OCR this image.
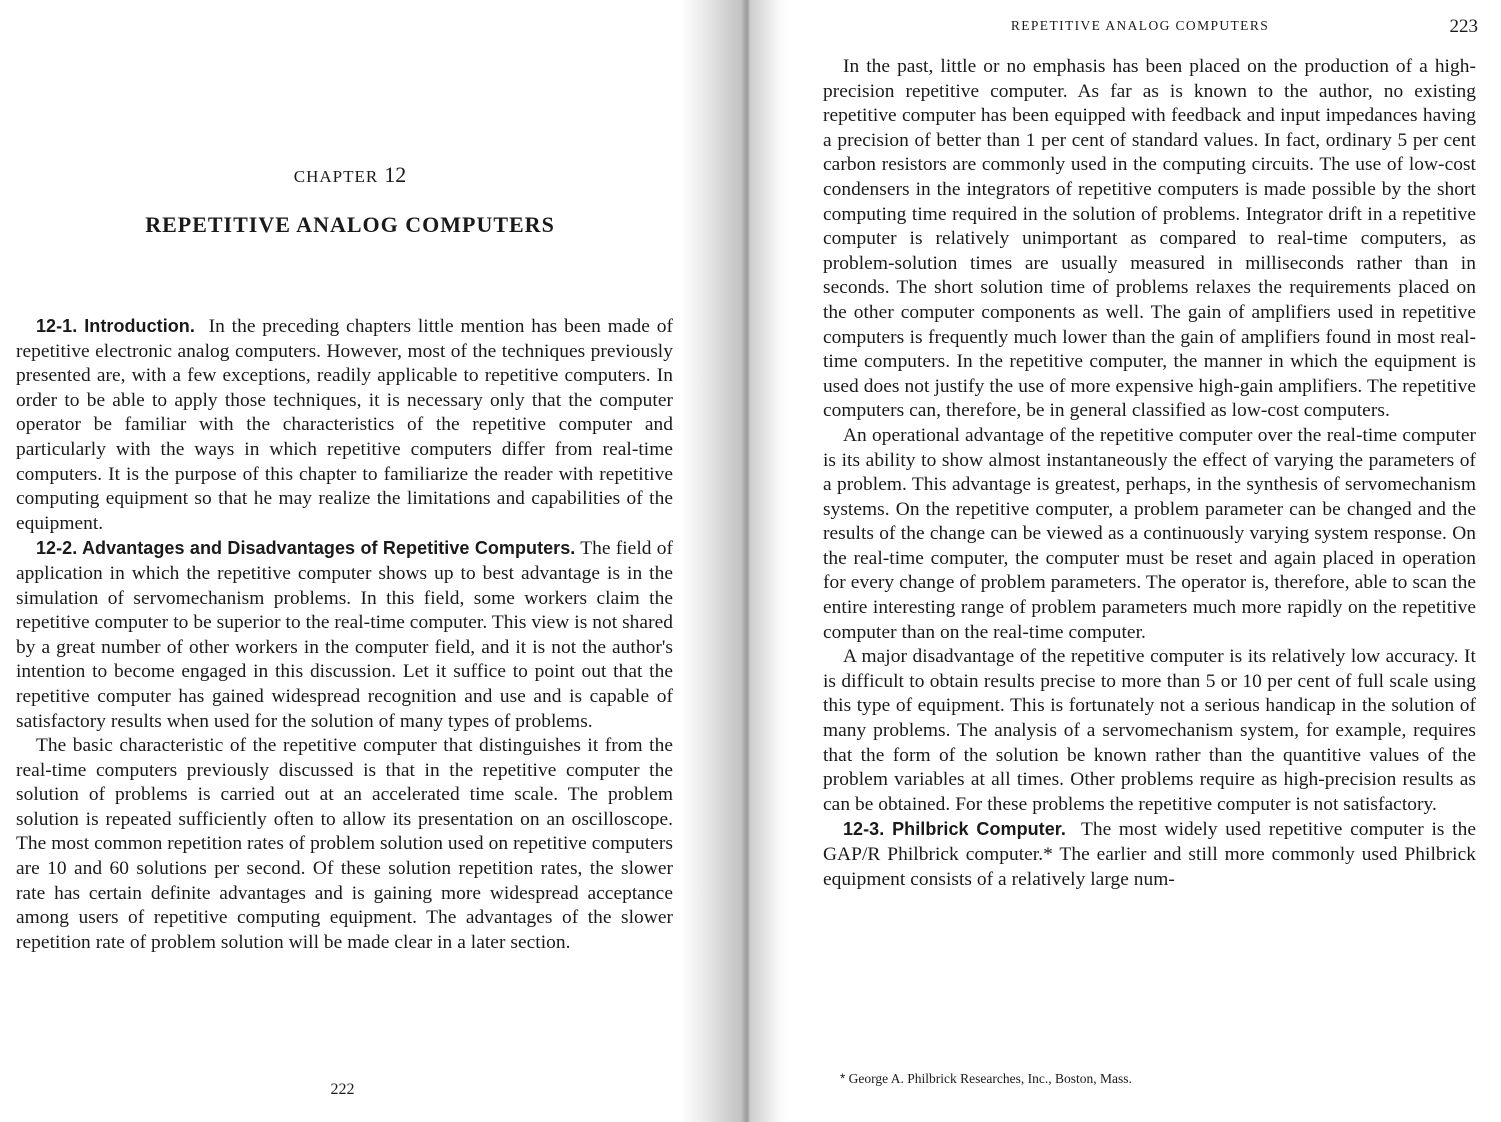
CHAPTER 12
REPETITIVE ANALOG COMPUTERS

12-1. Introduction. In the preceding chapters little mention has been made of repetitive electronic analog computers. However, most of the techniques previously presented are, with a few exceptions, readily applicable to repetitive computers. In order to be able to apply those techniques, it is necessary only that the computer operator be familiar with the characteristics of the repetitive computer and particularly with the ways in which repetitive computers differ from real-time computers. It is the purpose of this chapter to familiarize the reader with repetitive computing equipment so that he may realize the limitations and capabilities of the equipment.

12-2. Advantages and Disadvantages of Repetitive Computers. The field of application in which the repetitive computer shows up to best advantage is in the simulation of servomechanism problems. In this field, some workers claim the repetitive computer to be superior to the real-time computer. This view is not shared by a great number of other workers in the computer field, and it is not the author's intention to become engaged in this discussion. Let it suffice to point out that the repetitive computer has gained widespread recognition and use and is capable of satisfactory results when used for the solution of many types of problems.

The basic characteristic of the repetitive computer that distinguishes it from the real-time computers previously discussed is that in the repetitive computer the solution of problems is carried out at an accelerated time scale. The problem solution is repeated sufficiently often to allow its presentation on an oscilloscope. The most common repetition rates of problem solution used on repetitive computers are 10 and 60 solutions per second. Of these solution repetition rates, the slower rate has certain definite advantages and is gaining more widespread acceptance among users of repetitive computing equipment. The advantages of the slower repetition rate of problem solution will be made clear in a later section.

222
REPETITIVE ANALOG COMPUTERS	223

In the past, little or no emphasis has been placed on the production of a high-precision repetitive computer. As far as is known to the author, no existing repetitive computer has been equipped with feedback and input impedances having a precision of better than 1 per cent of standard values. In fact, ordinary 5 per cent carbon resistors are commonly used in the computing circuits. The use of low-cost condensers in the integrators of repetitive computers is made possible by the short computing time required in the solution of problems. Integrator drift in a repetitive computer is relatively unimportant as compared to real-time computers, as problem-solution times are usually measured in milliseconds rather than in seconds. The short solution time of problems relaxes the requirements placed on the other computer components as well. The gain of amplifiers used in repetitive computers is frequently much lower than the gain of amplifiers found in most real-time computers. In the repetitive computer, the manner in which the equipment is used does not justify the use of more expensive high-gain amplifiers. The repetitive computers can, therefore, be in general classified as low-cost computers.

An operational advantage of the repetitive computer over the real-time computer is its ability to show almost instantaneously the effect of varying the parameters of a problem. This advantage is greatest, perhaps, in the synthesis of servomechanism systems. On the repetitive computer, a problem parameter can be changed and the results of the change can be viewed as a continuously varying system response. On the real-time computer, the computer must be reset and again placed in operation for every change of problem parameters. The operator is, therefore, able to scan the entire interesting range of problem parameters much more rapidly on the repetitive computer than on the real-time computer.

A major disadvantage of the repetitive computer is its relatively low accuracy. It is difficult to obtain results precise to more than 5 or 10 per cent of full scale using this type of equipment. This is fortunately not a serious handicap in the solution of many problems. The analysis of a servomechanism system, for example, requires that the form of the solution be known rather than the quantitive values of the problem variables at all times. Other problems require as high-precision results as can be obtained. For these problems the repetitive computer is not satisfactory.

12-3. Philbrick Computer. The most widely used repetitive computer is the GAP/R Philbrick computer.* The earlier and still more commonly used Philbrick equipment consists of a relatively large num-

* George A. Philbrick Researches, Inc., Boston, Mass.
